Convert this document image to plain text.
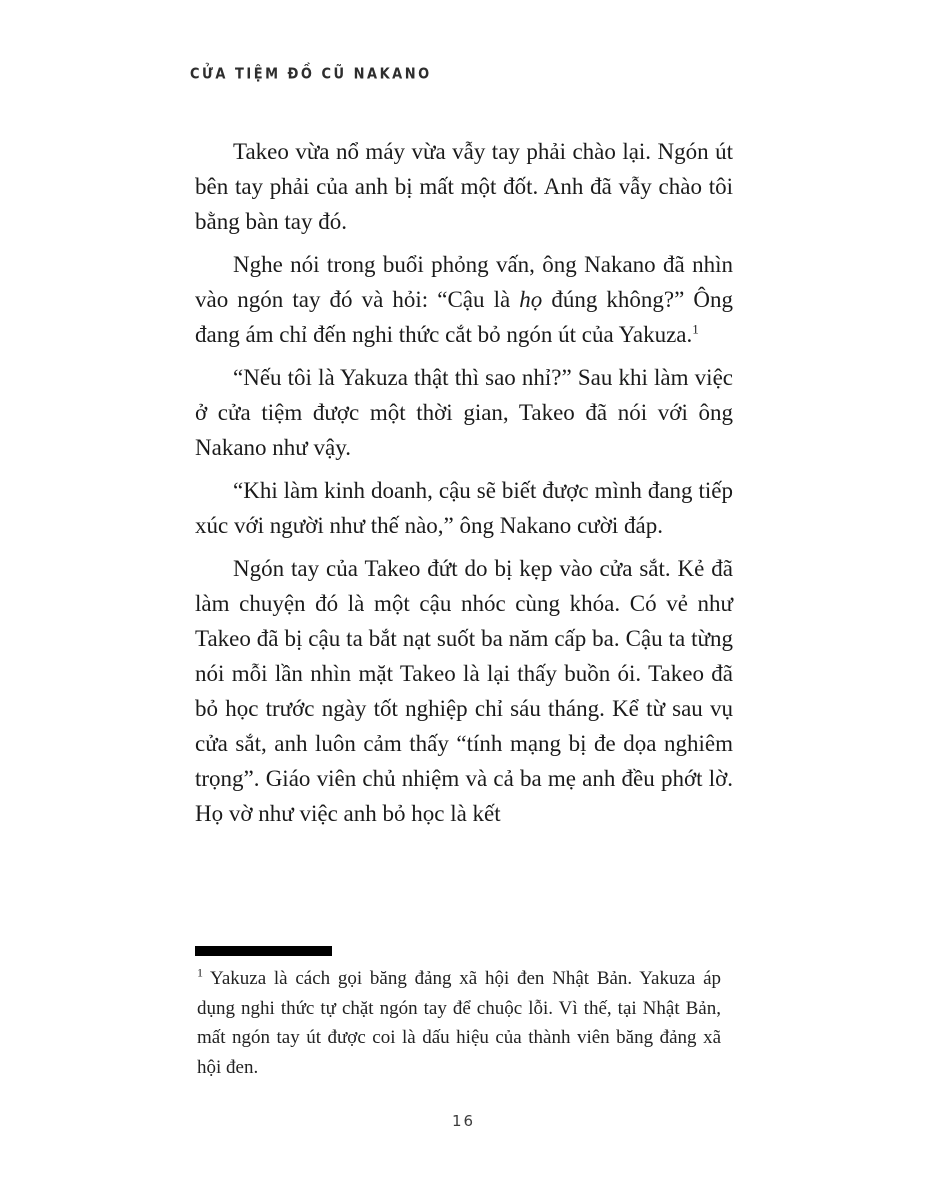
CỬA TIỆM ĐỒ CŨ NAKANO

Takeo vừa nổ máy vừa vẫy tay phải chào lại. Ngón út bên tay phải của anh bị mất một đốt. Anh đã vẫy chào tôi bằng bàn tay đó.

Nghe nói trong buổi phỏng vấn, ông Nakano đã nhìn vào ngón tay đó và hỏi: “Cậu là họ đúng không?” Ông đang ám chỉ đến nghi thức cắt bỏ ngón út của Yakuza.$^1$

“Nếu tôi là Yakuza thật thì sao nhỉ?” Sau khi làm việc ở cửa tiệm được một thời gian, Takeo đã nói với ông Nakano như vậy.

“Khi làm kinh doanh, cậu sẽ biết được mình đang tiếp xúc với người như thế nào,” ông Nakano cười đáp.

Ngón tay của Takeo đứt do bị kẹp vào cửa sắt. Kẻ đã làm chuyện đó là một cậu nhóc cùng khóa. Có vẻ như Takeo đã bị cậu ta bắt nạt suốt ba năm cấp ba. Cậu ta từng nói mỗi lần nhìn mặt Takeo là lại thấy buồn ói. Takeo đã bỏ học trước ngày tốt nghiệp chỉ sáu tháng. Kể từ sau vụ cửa sắt, anh luôn cảm thấy “tính mạng bị đe dọa nghiêm trọng”. Giáo viên chủ nhiệm và cả ba mẹ anh đều phớt lờ. Họ vờ như việc anh bỏ học là kết

$^1$ Yakuza là cách gọi băng đảng xã hội đen Nhật Bản. Yakuza áp dụng nghi thức tự chặt ngón tay để chuộc lỗi. Vì thế, tại Nhật Bản, mất ngón tay út được coi là dấu hiệu của thành viên băng đảng xã hội đen.
16
